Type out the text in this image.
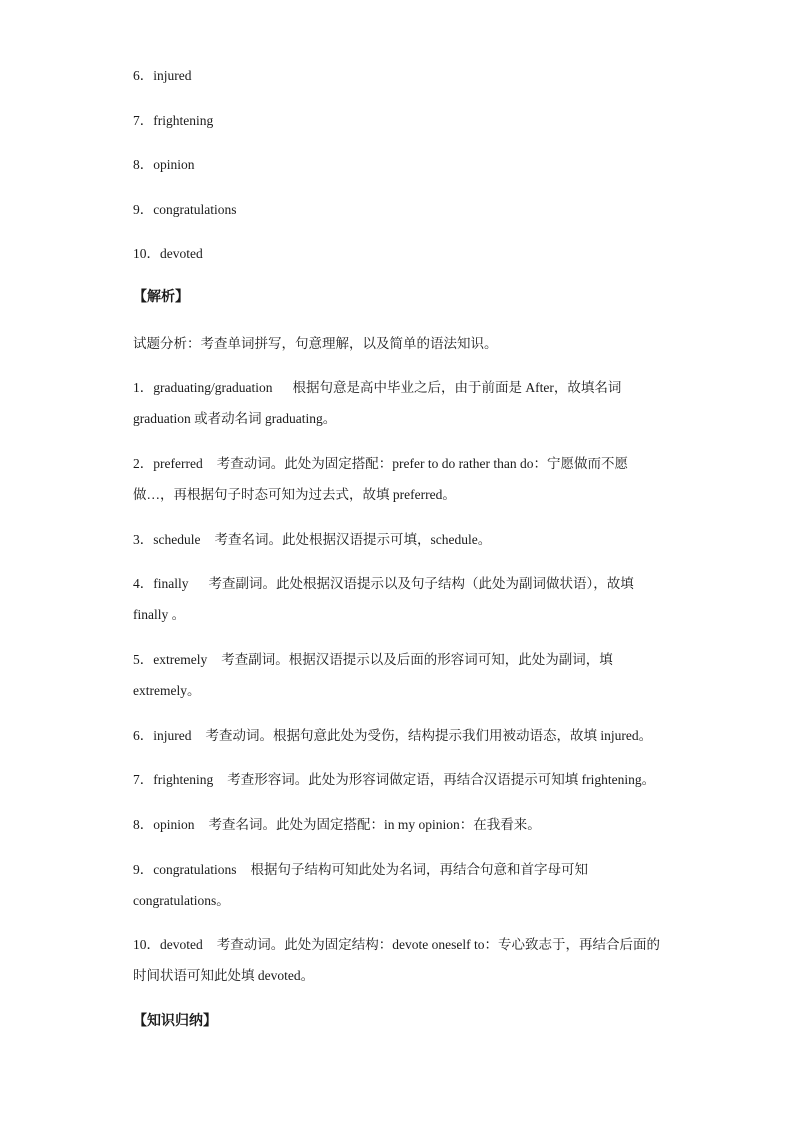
6．injured
7．frightening
8．opinion
9．congratulations
10．devoted
【解析】

试题分析：考查单词拼写，句意理解，以及简单的语法知识。

1．graduating/graduation 根据句意是高中毕业之后，由于前面是 After，故填名词 graduation 或者动名词 graduating。

2．preferred 考查动词。此处为固定搭配：prefer to do rather than do：宁愿做而不愿做…，再根据句子时态可知为过去式，故填 preferred。

3．schedule 考查名词。此处根据汉语提示可填，schedule。

4．finally 考查副词。此处根据汉语提示以及句子结构（此处为副词做状语），故填 finally 。

5．extremely 考查副词。根据汉语提示以及后面的形容词可知，此处为副词，填 extremely。

6．injured 考查动词。根据句意此处为受伤，结构提示我们用被动语态，故填 injured。

7．frightening 考查形容词。此处为形容词做定语，再结合汉语提示可知填 frightening。

8．opinion 考查名词。此处为固定搭配：in my opinion：在我看来。

9．congratulations 根据句子结构可知此处为名词，再结合句意和首字母可知 congratulations。

10．devoted 考查动词。此处为固定结构：devote oneself to：专心致志于，再结合后面的时间状语可知此处填 devoted。

【知识归纳】
